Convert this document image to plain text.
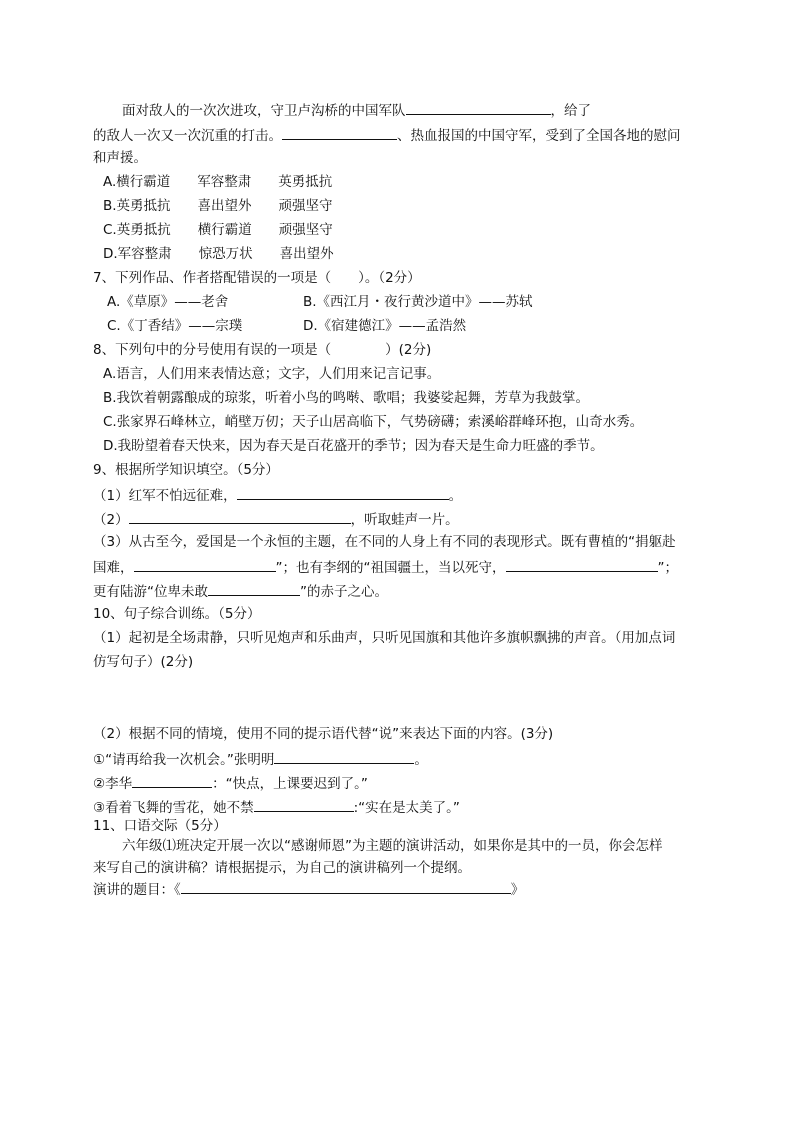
面对敌人的一次次进攻，守卫卢沟桥的中国军队	，给了
的敌人一次又一次沉重的打击。	、热血报国的中国守军，受到了全国各地的慰问
和声援。
A.横行霸道　　军容整肃　　英勇抵抗
B.英勇抵抗　　喜出望外　　顽强坚守
C.英勇抵抗　　横行霸道　　顽强坚守
D.军容整肃　　惊恐万状　　喜出望外
7、下列作品、作者搭配错误的一项是（　　）。（2分）
A.《草原》——老舍	B.《西江月・夜行黄沙道中》——苏轼
C.《丁香结》——宗璞	D.《宿建德江》——孟浩然
8、下列句中的分号使用有误的一项是（　　　　）(2分)
A.语言，人们用来表情达意；文字，人们用来记言记事。
B.我饮着朝露酿成的琼浆，听着小鸟的鸣啭、歌唱；我婆娑起舞，芳草为我鼓掌。
C.张家界石峰林立，峭壁万仞；天子山居高临下，气势磅礴；索溪峪群峰环抱，山奇水秀。
D.我盼望着春天快来，因为春天是百花盛开的季节；因为春天是生命力旺盛的季节。
9、根据所学知识填空。（5分）
（1）红军不怕远征难，	。
（2）	，听取蛙声一片。
（3）从古至今，爱国是一个永恒的主题，在不同的人身上有不同的表现形式。既有曹植的“捐躯赴
国难，	”；也有李纲的“祖国疆土，当以死守，	”；
更有陆游“位卑未敢	”的赤子之心。
10、句子综合训练。（5分）
（1）起初是全场肃静，只听见炮声和乐曲声，只听见国旗和其他许多旗帜飘拂的声音。（用加点词
仿写句子）(2分)
（2）根据不同的情境，使用不同的提示语代替“说”来表达下面的内容。(3分)
①“请再给我一次机会。”张明明	。
②李华	：“快点，上课要迟到了。”
③看着飞舞的雪花，她不禁	:“实在是太美了。”
11、口语交际（5分）
六年级⑴班决定开展一次以“感谢师恩”为主题的演讲活动，如果你是其中的一员，你会怎样
来写自己的演讲稿？请根据提示，为自己的演讲稿列一个提纲。
演讲的题目：《	》
